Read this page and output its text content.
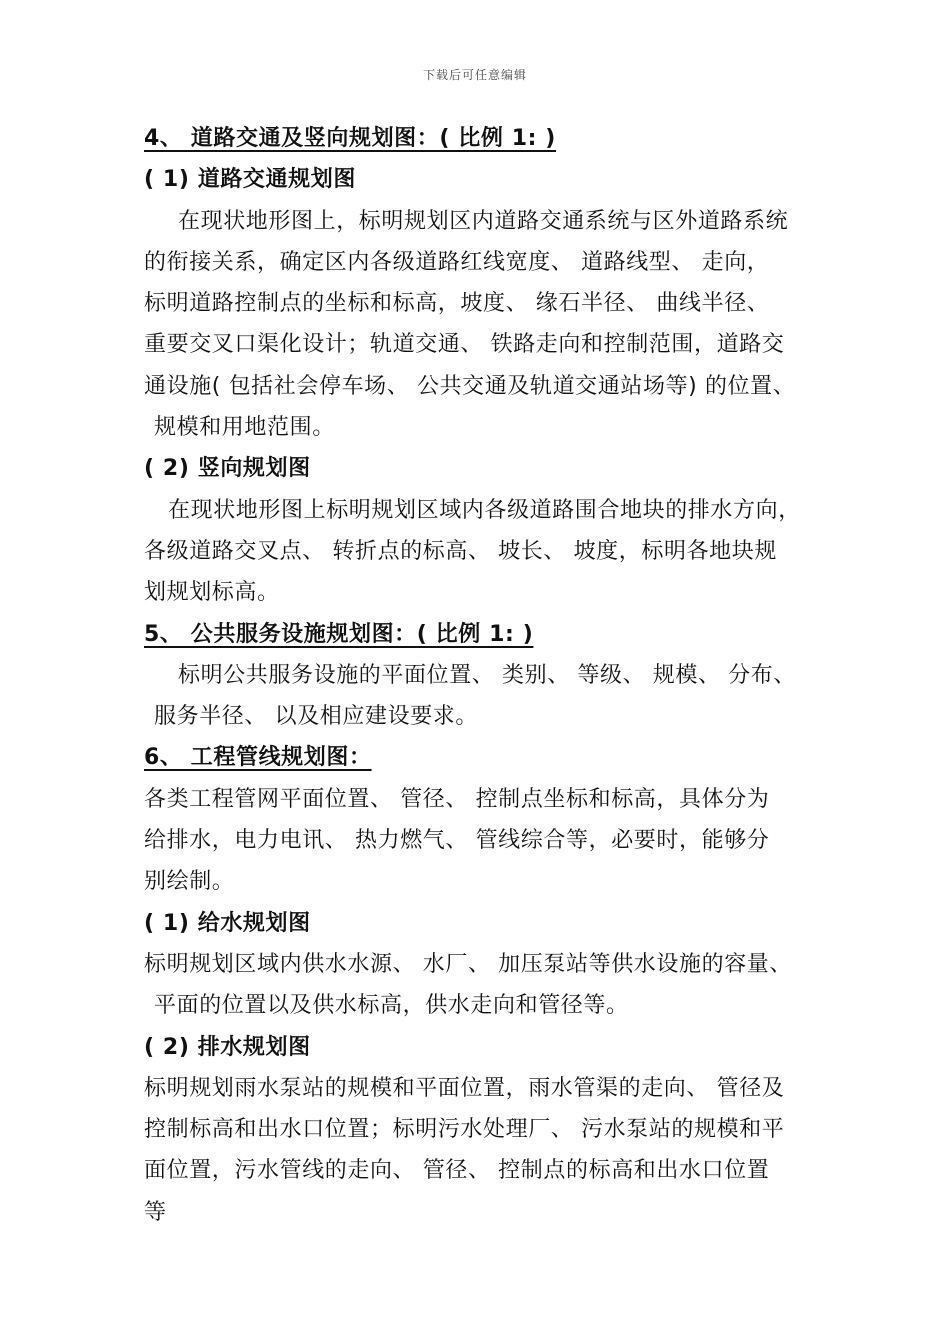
下载后可任意编辑
4、 道路交通及竖向规划图：( 比例 1: )
( 1) 道路交通规划图
在现状地形图上，标明规划区内道路交通系统与区外道路系统
的衔接关系，确定区内各级道路红线宽度、 道路线型、 走向，
标明道路控制点的坐标和标高，坡度、 缘石半径、 曲线半径、
重要交叉口渠化设计；轨道交通、 铁路走向和控制范围，道路交
通设施( 包括社会停车场、 公共交通及轨道交通站场等) 的位置、
规模和用地范围。
( 2) 竖向规划图
在现状地形图上标明规划区域内各级道路围合地块的排水方向，
各级道路交叉点、 转折点的标高、 坡长、 坡度，标明各地块规
划规划标高。
5、 公共服务设施规划图：( 比例 1: )
标明公共服务设施的平面位置、 类别、 等级、 规模、 分布、
服务半径、 以及相应建设要求。
6、 工程管线规划图：
各类工程管网平面位置、 管径、 控制点坐标和标高，具体分为
给排水，电力电讯、 热力燃气、 管线综合等，必要时，能够分
别绘制。
( 1) 给水规划图
标明规划区域内供水水源、 水厂、 加压泵站等供水设施的容量、
平面的位置以及供水标高，供水走向和管径等。
( 2) 排水规划图
标明规划雨水泵站的规模和平面位置，雨水管渠的走向、 管径及
控制标高和出水口位置；标明污水处理厂、 污水泵站的规模和平
面位置，污水管线的走向、 管径、 控制点的标高和出水口位置
等
